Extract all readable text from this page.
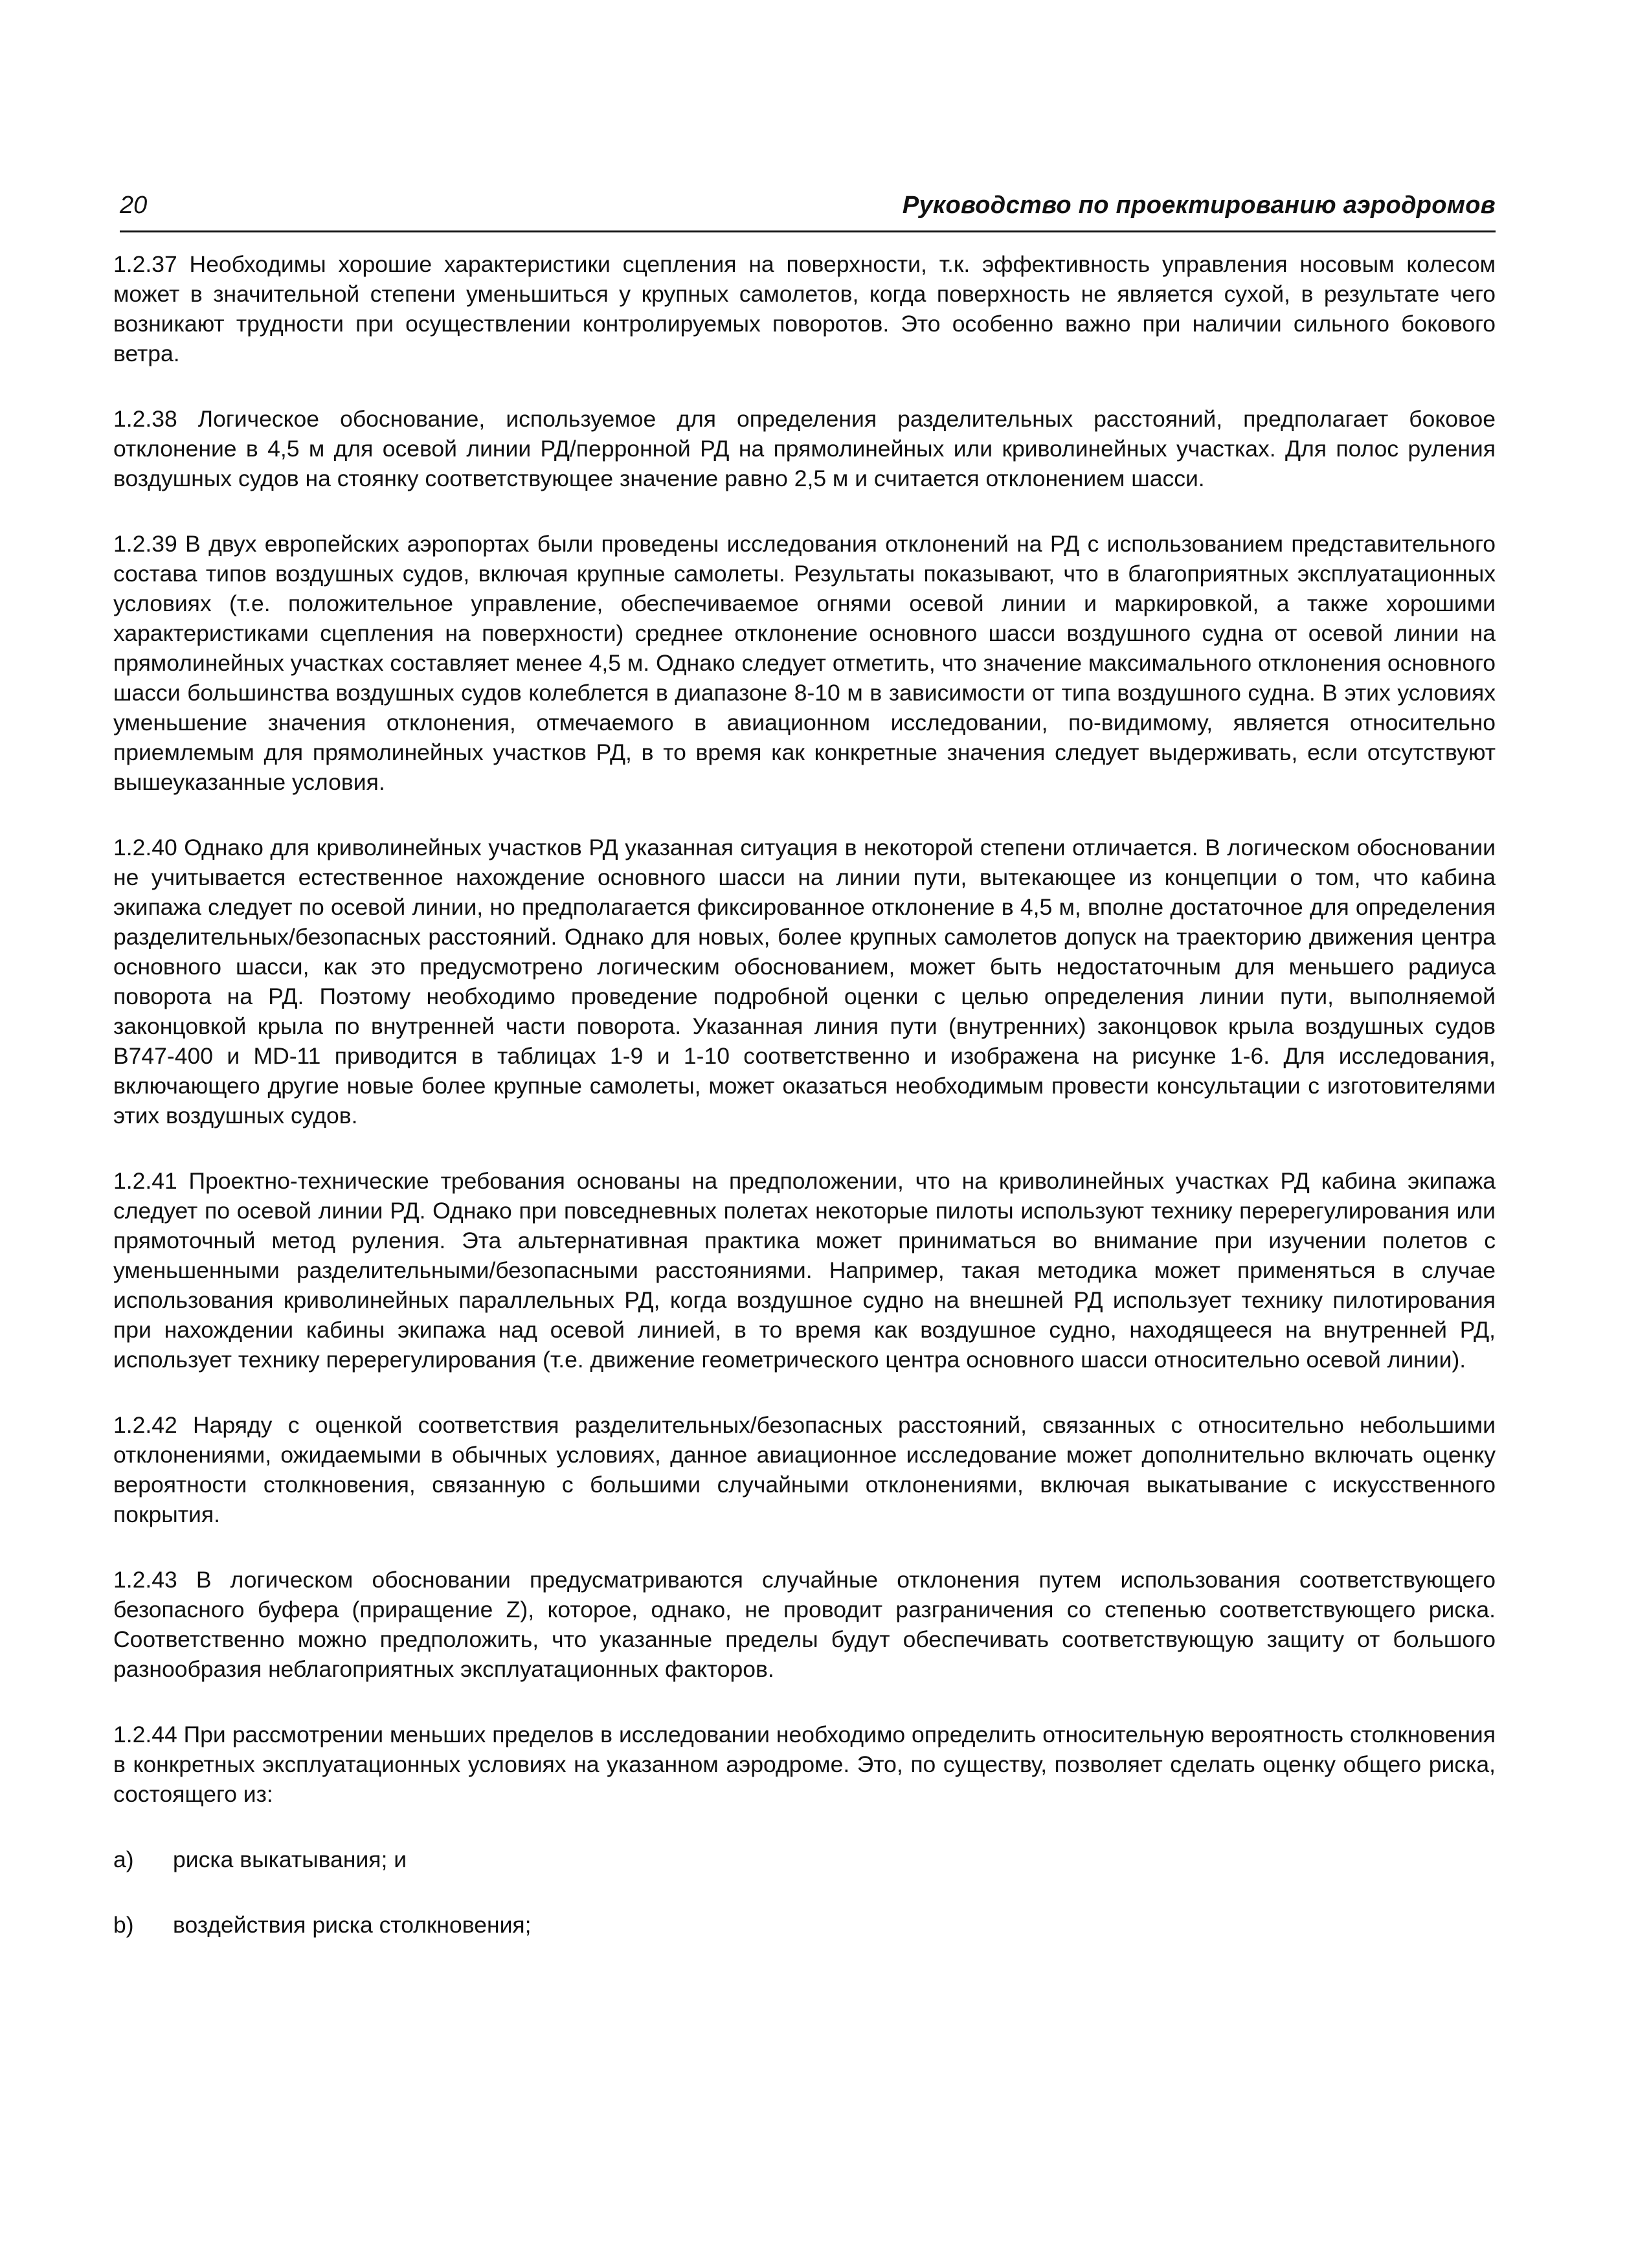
20	Руководство по проектированию аэродромов

1.2.37 Необходимы хорошие характеристики сцепления на поверхности, т.к. эффективность управления носовым колесом может в значительной степени уменьшиться у крупных самолетов, когда поверхность не является сухой, в результате чего возникают трудности при осуществлении контролируемых поворотов. Это особенно важно при наличии сильного бокового ветра.

1.2.38 Логическое обоснование, используемое для определения разделительных расстояний, предполагает боковое отклонение в 4,5 м для осевой линии РД/перронной РД на прямолинейных или криволинейных участках. Для полос руления воздушных судов на стоянку соответствующее значение равно 2,5 м и считается отклонением шасси.

1.2.39 В двух европейских аэропортах были проведены исследования отклонений на РД с использованием представительного состава типов воздушных судов, включая крупные самолеты. Результаты показывают, что в благоприятных эксплуатационных условиях (т.е. положительное управление, обеспечиваемое огнями осевой линии и маркировкой, а также хорошими характеристиками сцепления на поверхности) среднее отклонение основного шасси воздушного судна от осевой линии на прямолинейных участках составляет менее 4,5 м. Однако следует отметить, что значение максимального отклонения основного шасси большинства воздушных судов колеблется в диапазоне 8-10 м в зависимости от типа воздушного судна. В этих условиях уменьшение значения отклонения, отмечаемого в авиационном исследовании, по-видимому, является относительно приемлемым для прямолинейных участков РД, в то время как конкретные значения следует выдерживать, если отсутствуют вышеуказанные условия.

1.2.40 Однако для криволинейных участков РД указанная ситуация в некоторой степени отличается. В логическом обосновании не учитывается естественное нахождение основного шасси на линии пути, вытекающее из концепции о том, что кабина экипажа следует по осевой линии, но предполагается фиксированное отклонение в 4,5 м, вполне достаточное для определения разделительных/безопасных расстояний. Однако для новых, более крупных самолетов допуск на траекторию движения центра основного шасси, как это предусмотрено логическим обоснованием, может быть недостаточным для меньшего радиуса поворота на РД. Поэтому необходимо проведение подробной оценки с целью определения линии пути, выполняемой законцовкой крыла по внутренней части поворота. Указанная линия пути (внутренних) законцовок крыла воздушных судов В747-400 и MD-11 приводится в таблицах 1-9 и 1-10 соответственно и изображена на рисунке 1-6. Для исследования, включающего другие новые более крупные самолеты, может оказаться необходимым провести консультации с изготовителями этих воздушных судов.

1.2.41 Проектно-технические требования основаны на предположении, что на криволинейных участках РД кабина экипажа следует по осевой линии РД. Однако при повседневных полетах некоторые пилоты используют технику перерегулирования или прямоточный метод руления. Эта альтернативная практика может приниматься во внимание при изучении полетов с уменьшенными разделительными/безопасными расстояниями. Например, такая методика может применяться в случае использования криволинейных параллельных РД, когда воздушное судно на внешней РД использует технику пилотирования при нахождении кабины экипажа над осевой линией, в то время как воздушное судно, находящееся на внутренней РД, использует технику перерегулирования (т.е. движение геометрического центра основного шасси относительно осевой линии).

1.2.42 Наряду с оценкой соответствия разделительных/безопасных расстояний, связанных с относительно небольшими отклонениями, ожидаемыми в обычных условиях, данное авиационное исследование может дополнительно включать оценку вероятности столкновения, связанную с большими случайными отклонениями, включая выкатывание с искусственного покрытия.

1.2.43 В логическом обосновании предусматриваются случайные отклонения путем использования соответствующего безопасного буфера (приращение Z), которое, однако, не проводит разграничения со степенью соответствующего риска. Соответственно можно предположить, что указанные пределы будут обеспечивать соответствующую защиту от большого разнообразия неблагоприятных эксплуатационных факторов.

1.2.44 При рассмотрении меньших пределов в исследовании необходимо определить относительную вероятность столкновения в конкретных эксплуатационных условиях на указанном аэродроме. Это, по существу, позволяет сделать оценку общего риска, состоящего из:

a)	риска выкатывания; и
b)	воздействия риска столкновения;
